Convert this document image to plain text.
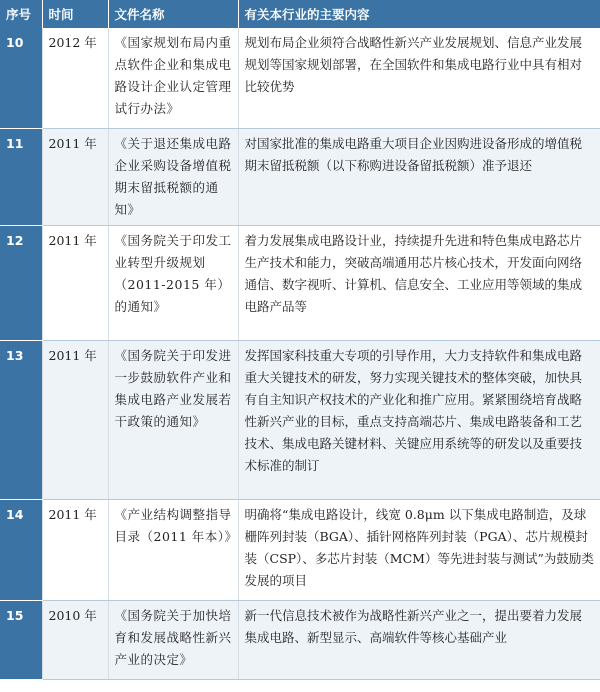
序号	时间	文件名称	有关本行业的主要内容
10	2012 年	《国家规划布局内重点软件企业和集成电路设计企业认定管理试行办法》	规划布局企业须符合战略性新兴产业发展规划、信息产业发展规划等国家规划部署，在全国软件和集成电路行业中具有相对比较优势
11	2011 年	《关于退还集成电路企业采购设备增值税期末留抵税额的通知》	对国家批准的集成电路重大项目企业因购进设备形成的增值税期末留抵税额（以下称购进设备留抵税额）准予退还
12	2011 年	《国务院关于印发工业转型升级规划（2011-2015 年）的通知》	着力发展集成电路设计业，持续提升先进和特色集成电路芯片生产技术和能力，突破高端通用芯片核心技术，开发面向网络通信、数字视听、计算机、信息安全、工业应用等领域的集成电路产品等
13	2011 年	《国务院关于印发进一步鼓励软件产业和集成电路产业发展若干政策的通知》	发挥国家科技重大专项的引导作用，大力支持软件和集成电路重大关键技术的研发，努力实现关键技术的整体突破，加快具有自主知识产权技术的产业化和推广应用。紧紧围绕培育战略性新兴产业的目标，重点支持高端芯片、集成电路装备和工艺技术、集成电路关键材料、关键应用系统等的研发以及重要技术标准的制订
14	2011 年	《产业结构调整指导目录（2011 年本）》	明确将“集成电路设计，线宽 0.8μm 以下集成电路制造，及球栅阵列封装（BGA）、插针网格阵列封装（PGA）、芯片规模封装（CSP）、多芯片封装（MCM）等先进封装与测试”为鼓励类发展的项目
15	2010 年	《国务院关于加快培育和发展战略性新兴产业的决定》	新一代信息技术被作为战略性新兴产业之一，提出要着力发展集成电路、新型显示、高端软件等核心基础产业
